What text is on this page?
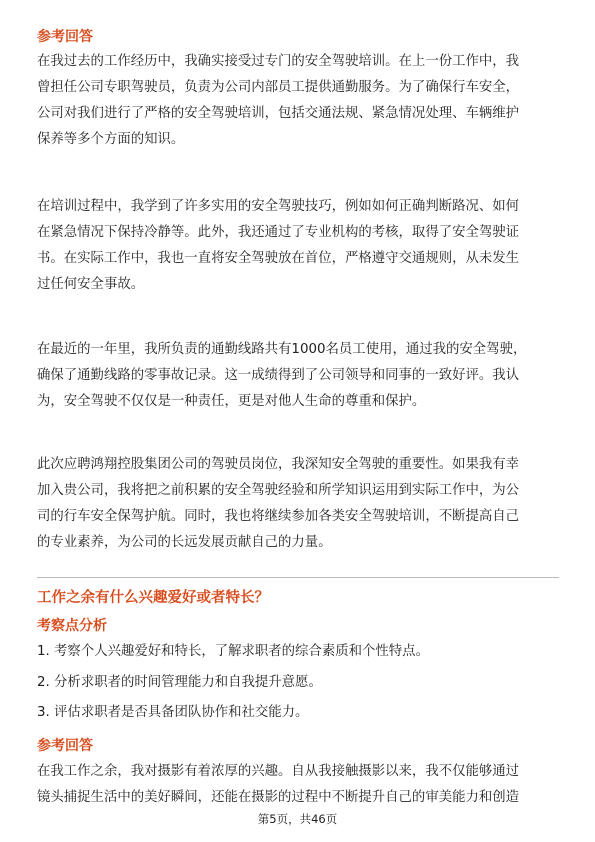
参考回答
在我过去的工作经历中，我确实接受过专门的安全驾驶培训。在上一份工作中，我
曾担任公司专职驾驶员，负责为公司内部员工提供通勤服务。为了确保行车安全，
公司对我们进行了严格的安全驾驶培训，包括交通法规、紧急情况处理、车辆维护
保养等多个方面的知识。
在培训过程中，我学到了许多实用的安全驾驶技巧，例如如何正确判断路况、如何
在紧急情况下保持冷静等。此外，我还通过了专业机构的考核，取得了安全驾驶证
书。在实际工作中，我也一直将安全驾驶放在首位，严格遵守交通规则，从未发生
过任何安全事故。
在最近的一年里，我所负责的通勤线路共有1000名员工使用，通过我的安全驾驶，
确保了通勤线路的零事故记录。这一成绩得到了公司领导和同事的一致好评。我认
为，安全驾驶不仅仅是一种责任，更是对他人生命的尊重和保护。
此次应聘鸿翔控股集团公司的驾驶员岗位，我深知安全驾驶的重要性。如果我有幸
加入贵公司，我将把之前积累的安全驾驶经验和所学知识运用到实际工作中，为公
司的行车安全保驾护航。同时，我也将继续参加各类安全驾驶培训，不断提高自己
的专业素养，为公司的长远发展贡献自己的力量。
工作之余有什么兴趣爱好或者特长？
考察点分析
1. 考察个人兴趣爱好和特长，了解求职者的综合素质和个性特点。
2. 分析求职者的时间管理能力和自我提升意愿。
3. 评估求职者是否具备团队协作和社交能力。
参考回答
在我工作之余，我对摄影有着浓厚的兴趣。自从我接触摄影以来，我不仅能够通过
镜头捕捉生活中的美好瞬间，还能在摄影的过程中不断提升自己的审美能力和创造
第5页，共46页
